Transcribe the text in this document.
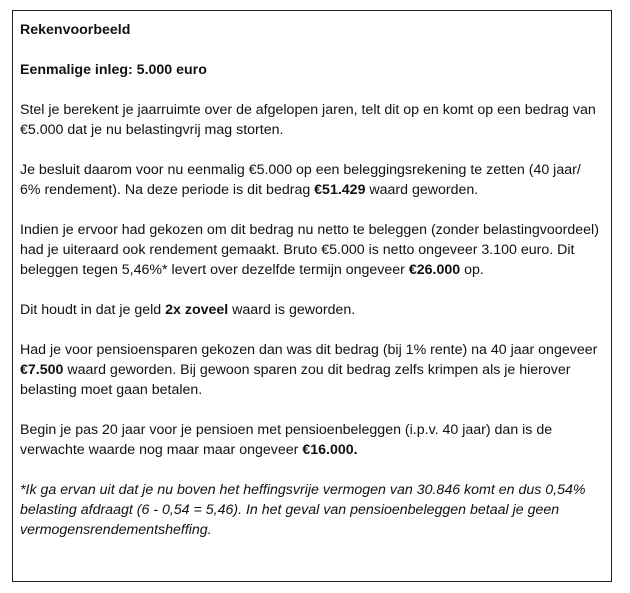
Rekenvoorbeeld

Eenmalige inleg: 5.000 euro

Stel je berekent je jaarruimte over de afgelopen jaren, telt dit op en komt op een bedrag van €5.000 dat je nu belastingvrij mag storten.

Je besluit daarom voor nu eenmalig €5.000 op een beleggingsrekening te zetten (40 jaar/ 6% rendement). Na deze periode is dit bedrag €51.429 waard geworden.

Indien je ervoor had gekozen om dit bedrag nu netto te beleggen (zonder belastingvoordeel) had je uiteraard ook rendement gemaakt. Bruto €5.000 is netto ongeveer 3.100 euro. Dit beleggen tegen 5,46%* levert over dezelfde termijn ongeveer €26.000 op.

Dit houdt in dat je geld 2x zoveel waard is geworden.

Had je voor pensioensparen gekozen dan was dit bedrag (bij 1% rente) na 40 jaar ongeveer €7.500 waard geworden. Bij gewoon sparen zou dit bedrag zelfs krimpen als je hierover belasting moet gaan betalen.

Begin je pas 20 jaar voor je pensioen met pensioenbeleggen (i.p.v. 40 jaar) dan is de verwachte waarde nog maar maar ongeveer €16.000.

*Ik ga ervan uit dat je nu boven het heffingsvrije vermogen van 30.846 komt en dus 0,54% belasting afdraagt (6 - 0,54 = 5,46). In het geval van pensioenbeleggen betaal je geen vermogensrendementsheffing.
